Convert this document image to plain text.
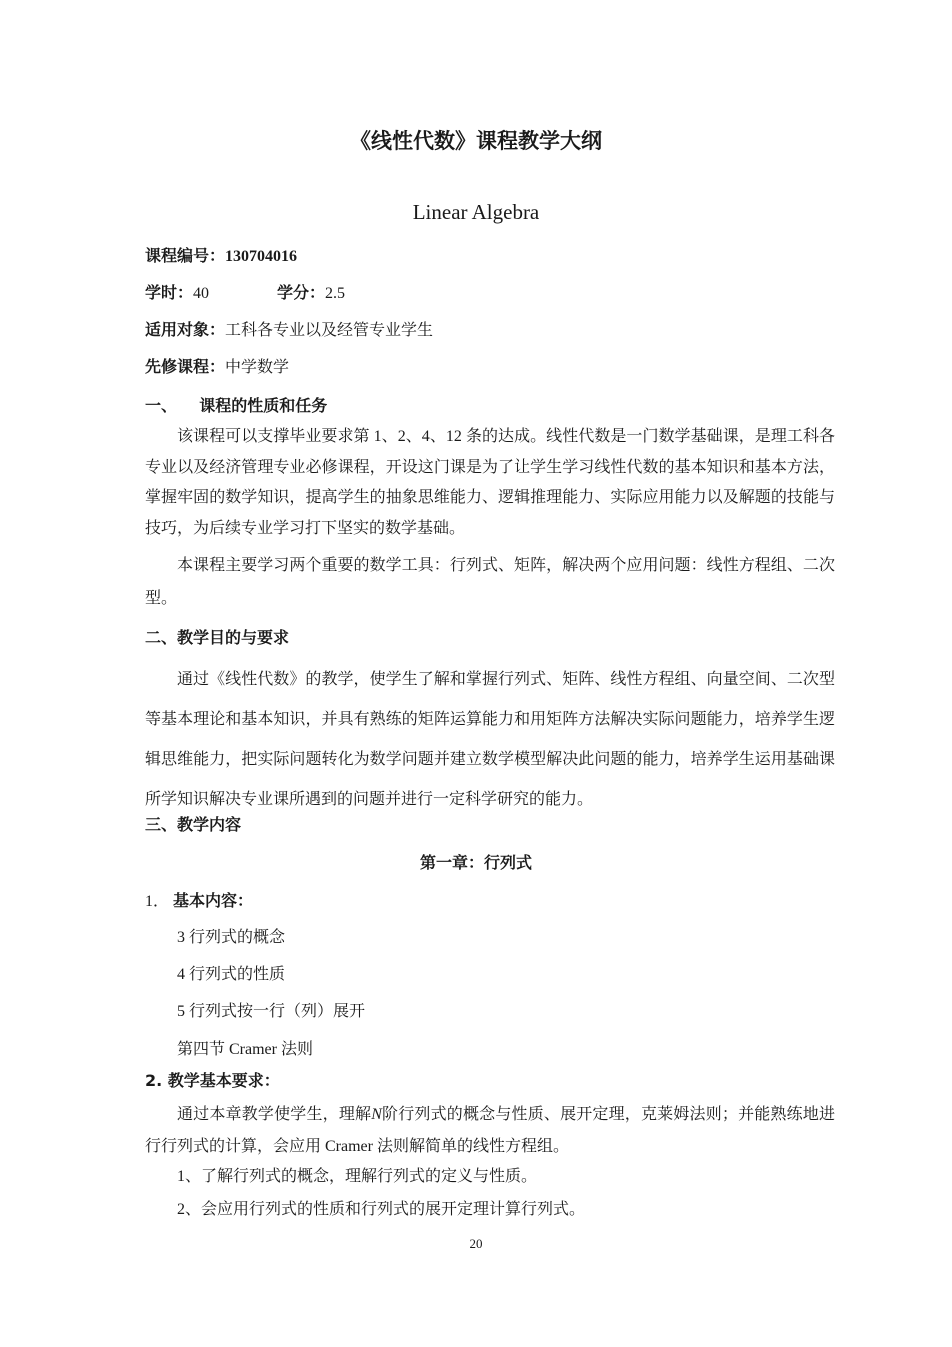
《线性代数》课程教学大纲
Linear Algebra
课程编号：130704016
学时：40	学分：2.5
适用对象：工科各专业以及经管专业学生
先修课程：中学数学
一、    课程的性质和任务
该课程可以支撑毕业要求第 1、2、4、12 条的达成。线性代数是一门数学基础课，是理工科各专业以及经济管理专业必修课程，开设这门课是为了让学生学习线性代数的基本知识和基本方法，掌握牢固的数学知识，提高学生的抽象思维能力、逻辑推理能力、实际应用能力以及解题的技能与技巧，为后续专业学习打下坚实的数学基础。
本课程主要学习两个重要的数学工具：行列式、矩阵，解决两个应用问题：线性方程组、二次型。
二、教学目的与要求
通过《线性代数》的教学，使学生了解和掌握行列式、矩阵、线性方程组、向量空间、二次型等基本理论和基本知识，并具有熟练的矩阵运算能力和用矩阵方法解决实际问题能力，培养学生逻辑思维能力，把实际问题转化为数学问题并建立数学模型解决此问题的能力，培养学生运用基础课所学知识解决专业课所遇到的问题并进行一定科学研究的能力。
三、教学内容
第一章：行列式
1． 基本内容：
3 行列式的概念
4 行列式的性质
5 行列式按一行（列）展开
第四节 Cramer 法则
2. 教学基本要求：
通过本章教学使学生，理解N阶行列式的概念与性质、展开定理，克莱姆法则；并能熟练地进行行列式的计算，会应用 Cramer 法则解简单的线性方程组。
1、了解行列式的概念，理解行列式的定义与性质。
2、会应用行列式的性质和行列式的展开定理计算行列式。
20
